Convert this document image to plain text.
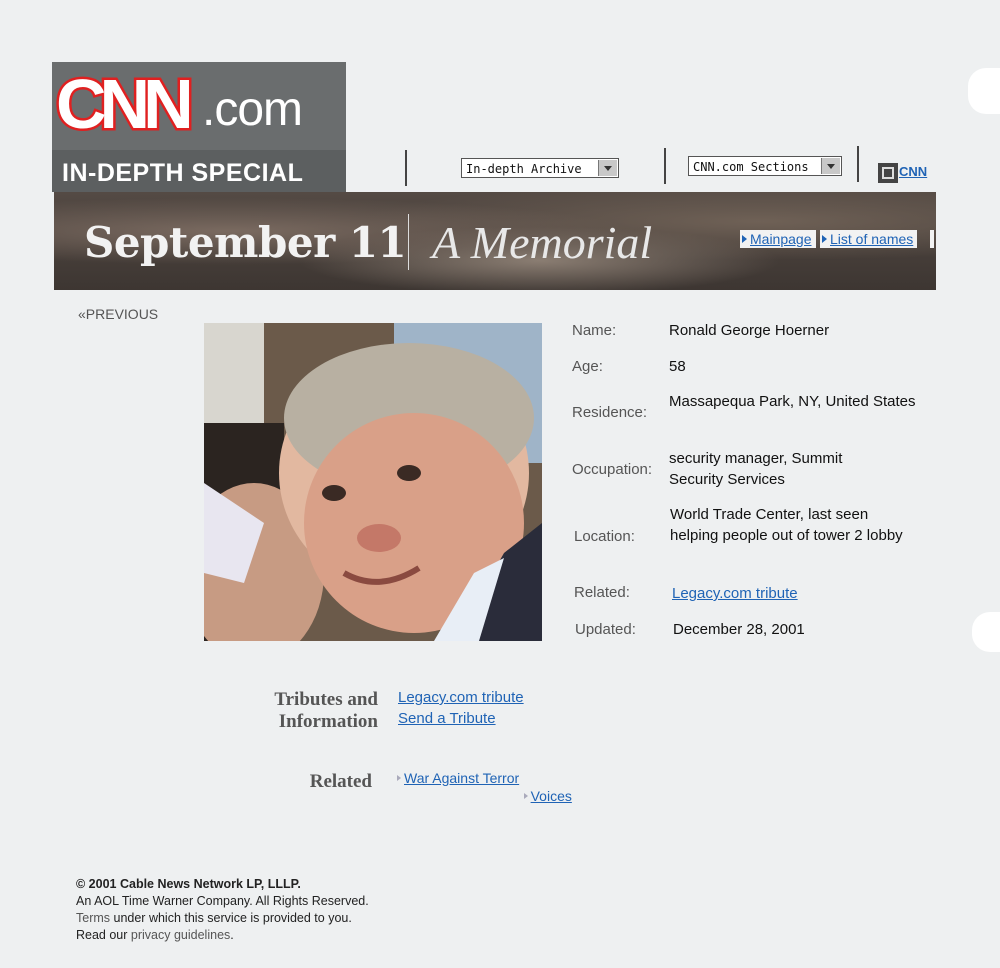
CNN .com
IN-DEPTH SPECIAL	In-depth Archive	CNN.com Sections	CNN
September 11 A Memorial	Mainpage	List of names
«PREVIOUS
Name:	Ronald George Hoerner
Age:	58
Residence:
Massapequa Park, NY, United States
Occupation:
security manager, Summit Security Services
Location:
World Trade Center, last seen helping people out of tower 2 lobby
Related:	Legacy.com tribute
Updated: December 28, 2001
Tributes and
Information
Legacy.com tribute
Send a Tribute
Related War Against Terror Voices
© 2001 Cable News Network LP, LLLP.
An AOL Time Warner Company. All Rights Reserved.
Terms under which this service is provided to you.
Read our privacy guidelines.
